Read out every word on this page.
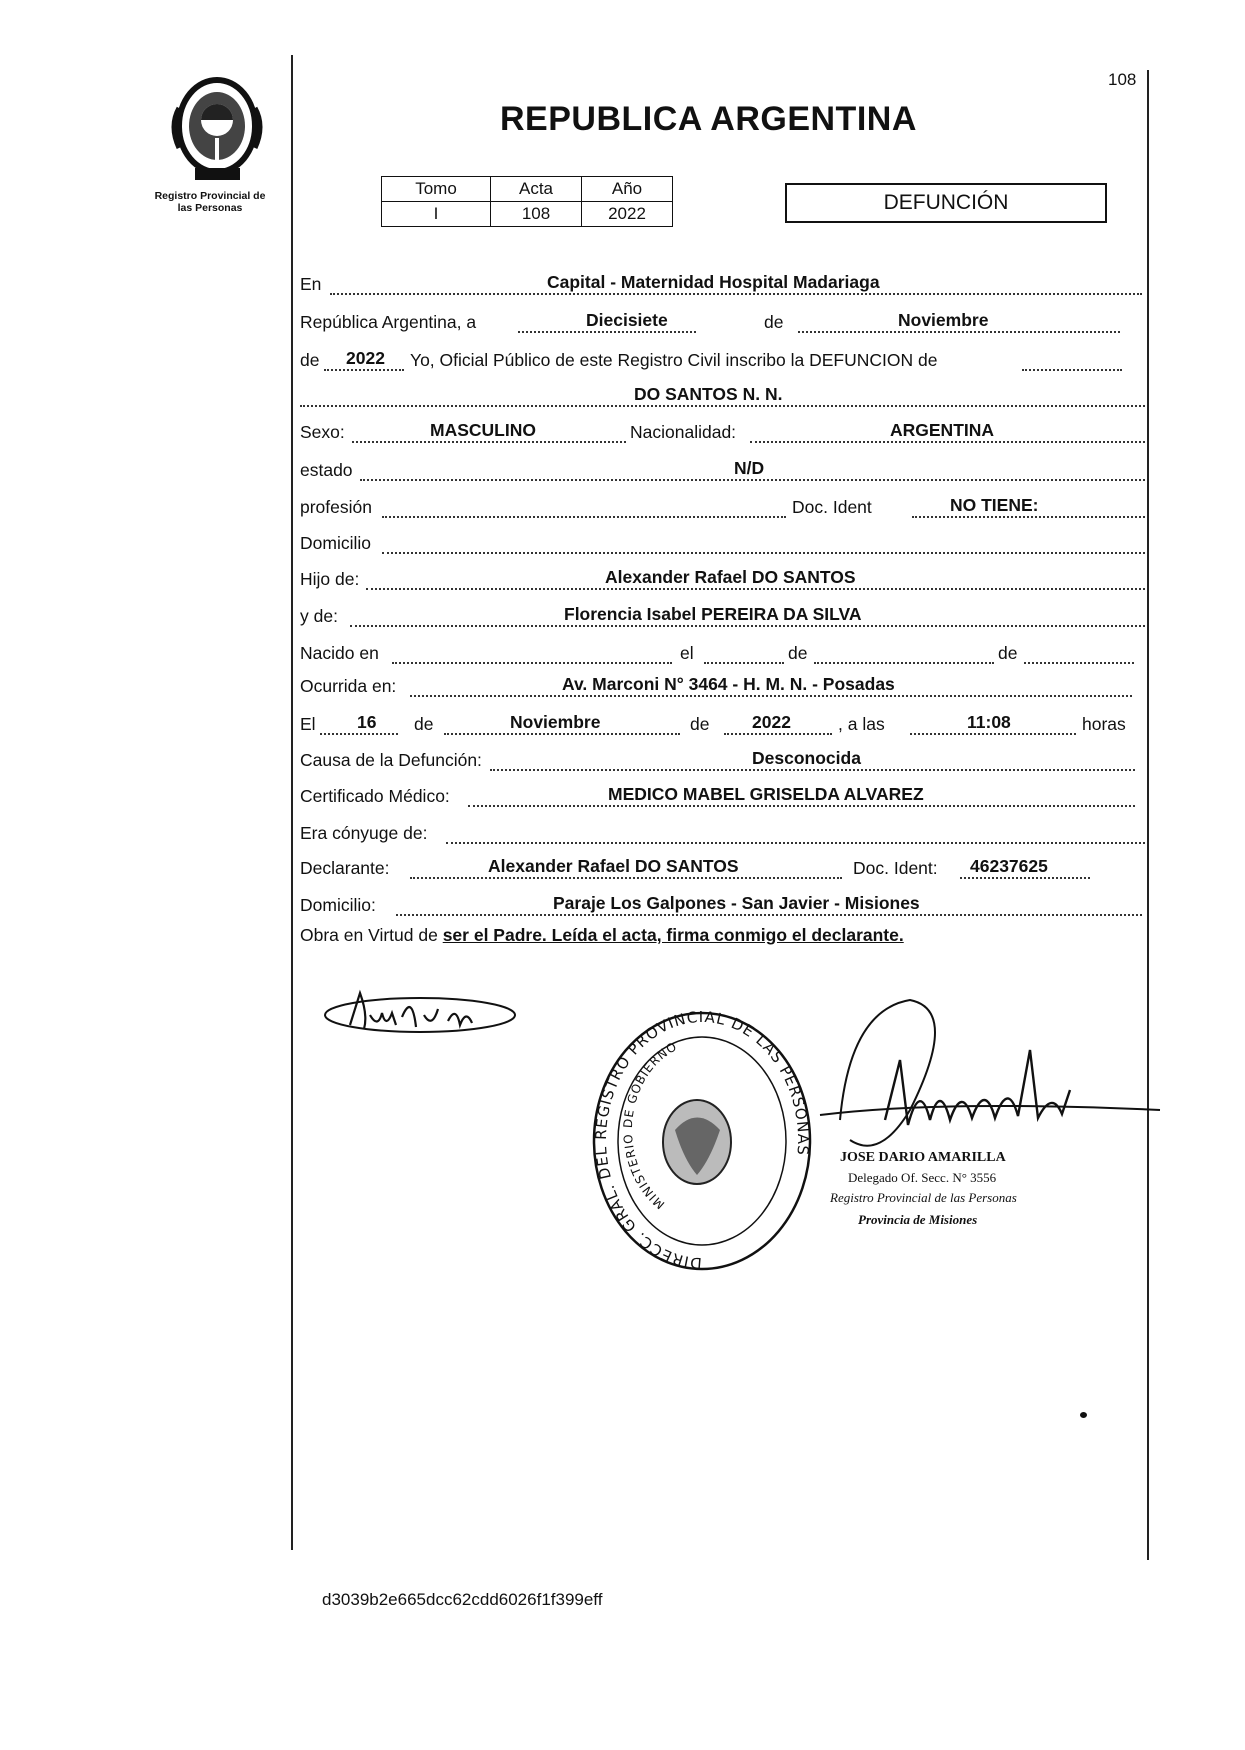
Registro Provincial de
las Personas
108
REPUBLICA ARGENTINA
Tomo	Acta	Año
I	108	2022	DEFUNCIÓN
En	Capital - Maternidad Hospital Madariaga
República Argentina, a	Diecisiete	de	Noviembre
de 2022 Yo, Oficial Público de este Registro Civil inscribo la DEFUNCION de
DO SANTOS N. N.
Sexo:	MASCULINO	Nacionalidad:	ARGENTINA
estado	N/D
profesión	Doc. Ident	NO TIENE:
Domicilio
Hijo de:	Alexander Rafael DO SANTOS
y de:	Florencia Isabel PEREIRA DA SILVA
Nacido en	el	de	de
Ocurrida en:	Av. Marconi N° 3464 - H. M. N. - Posadas
El 16 de	Noviembre	de 2022	, a las	11:08	horas
Causa de la Defunción:	Desconocida
Certificado Médico:	MEDICO MABEL GRISELDA ALVAREZ
Era cónyuge de:
Declarante:	Alexander Rafael DO SANTOS	Doc. Ident: 46237625
Domicilio:	Paraje Los Galpones - San Javier - Misiones
Obra en Virtud de ser el Padre. Leída el acta, firma conmigo el declarante.
DIRECC. GRAL. DEL REGISTRO PROVINCIAL DE LAS PERSONAS
MINISTERIO DE GOBIERNO
JOSE DARIO AMARILLA
Delegado Of. Secc. N° 3556
Registro Provincial de las Personas
Provincia de Misiones
d3039b2e665dcc62cdd6026f1f399eff
